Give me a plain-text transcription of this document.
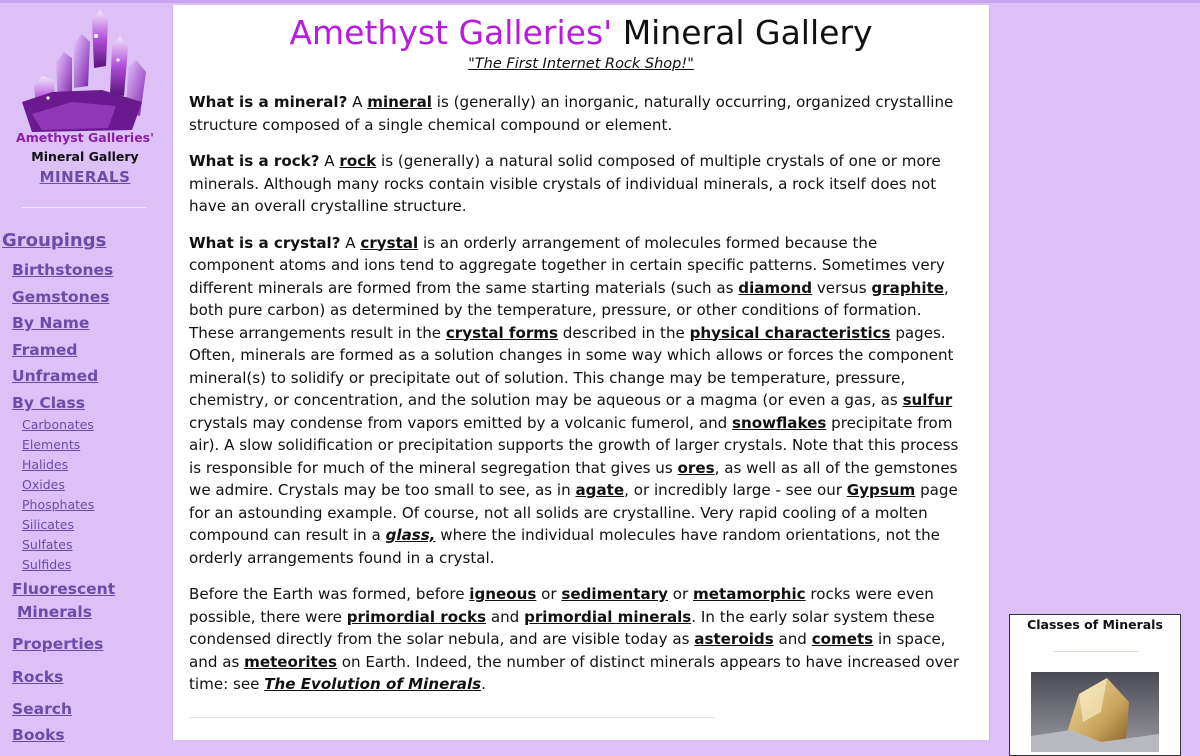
Amethyst Galleries'
Mineral Gallery
MINERALS
Groupings
Birthstones
Gemstones
By Name
Framed
Unframed
By Class
Carbonates
Elements
Halides
Oxides
Phosphates
Silicates
Sulfates
Sulfides
Fluorescent
Minerals
Properties
Rocks
Search
Books
Amethyst Galleries' Mineral Gallery
"The First Internet Rock Shop!"

What is a mineral? A mineral is (generally) an inorganic, naturally occurring, organized crystalline structure composed of a single chemical compound or element.

What is a rock? A rock is (generally) a natural solid composed of multiple crystals of one or more minerals. Although many rocks contain visible crystals of individual minerals, a rock itself does not have an overall crystalline structure.

What is a crystal? A crystal is an orderly arrangement of molecules formed because the component atoms and ions tend to aggregate together in certain specific patterns. Sometimes very different minerals are formed from the same starting materials (such as diamond versus graphite, both pure carbon) as determined by the temperature, pressure, or other conditions of formation. These arrangements result in the crystal forms described in the physical characteristics pages. Often, minerals are formed as a solution changes in some way which allows or forces the component mineral(s) to solidify or precipitate out of solution. This change may be temperature, pressure, chemistry, or concentration, and the solution may be aqueous or a magma (or even a gas, as sulfur crystals may condense from vapors emitted by a volcanic fumerol, and snowflakes precipitate from air). A slow solidification or precipitation supports the growth of larger crystals. Note that this process is responsible for much of the mineral segregation that gives us ores, as well as all of the gemstones we admire. Crystals may be too small to see, as in agate, or incredibly large - see our Gypsum page for an astounding example. Of course, not all solids are crystalline. Very rapid cooling of a molten compound can result in a glass, where the individual molecules have random orientations, not the orderly arrangements found in a crystal.

Before the Earth was formed, before igneous or sedimentary or metamorphic rocks were even possible, there were primordial rocks and primordial minerals. In the early solar system these condensed directly from the solar nebula, and are visible today as asteroids and comets in space, and as meteorites on Earth. Indeed, the number of distinct minerals appears to have increased over time: see The Evolution of Minerals.

Classes of Minerals
